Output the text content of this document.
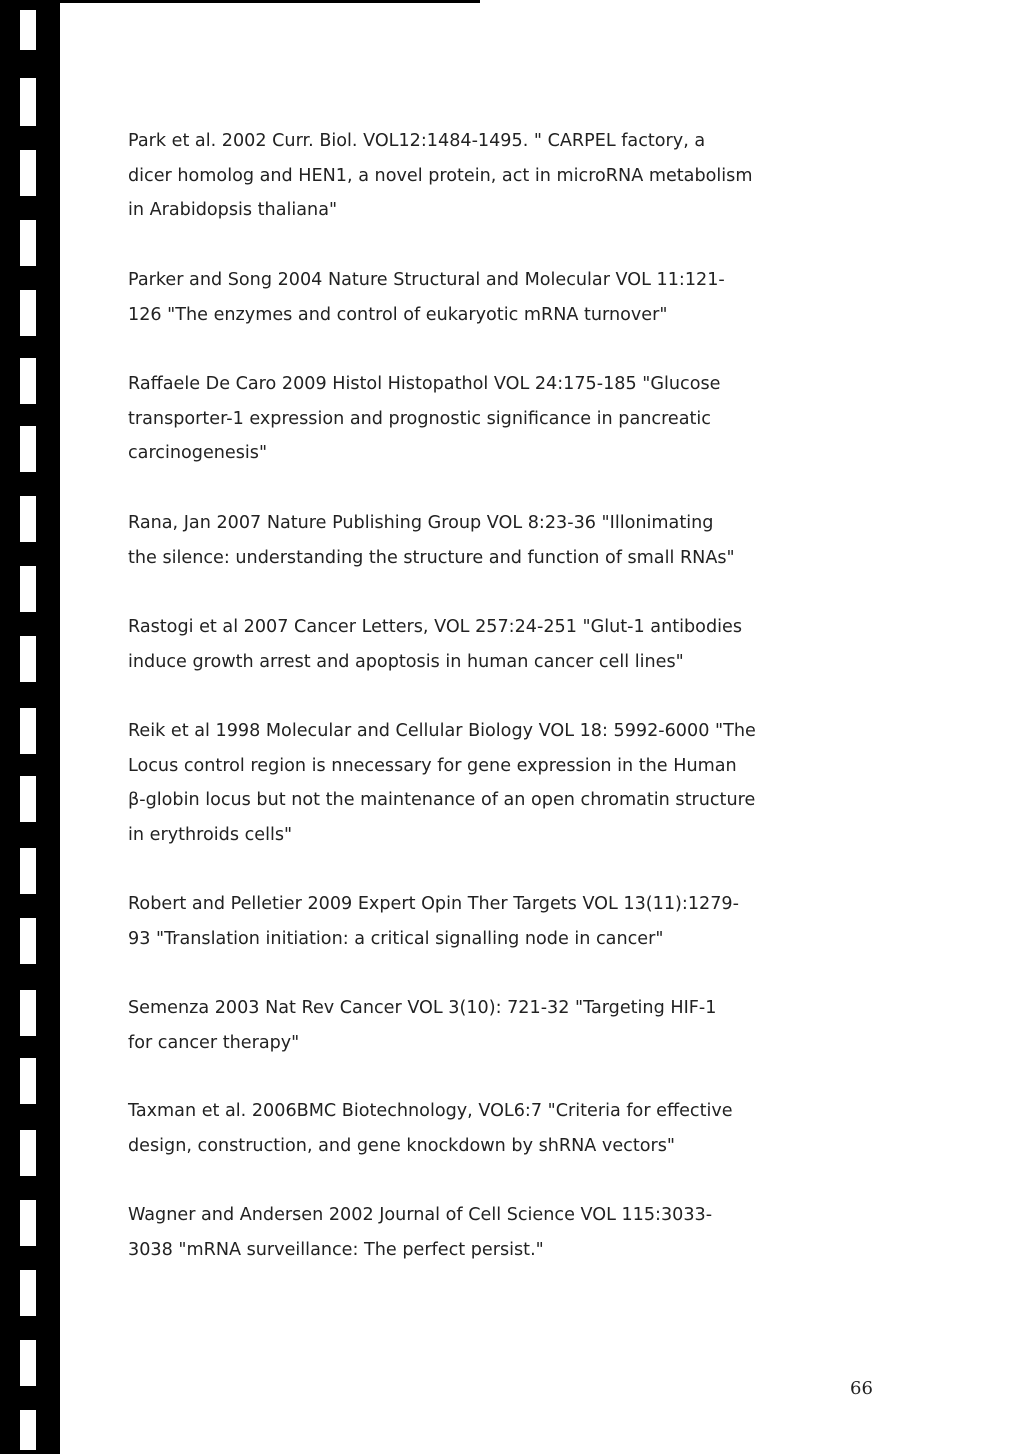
Park et al. 2002 Curr. Biol. VOL12:1484-1495. " CARPEL factory, a
dicer homolog and HEN1, a novel protein, act in microRNA metabolism
in Arabidopsis thaliana"
Parker and Song 2004 Nature Structural and Molecular VOL 11:121-
126 "The enzymes and control of eukaryotic mRNA turnover"
Raffaele De Caro 2009 Histol Histopathol VOL 24:175-185 "Glucose
transporter-1 expression and prognostic significance in pancreatic
carcinogenesis"
Rana, Jan 2007 Nature Publishing Group VOL 8:23-36 "Illonimating
the silence: understanding the structure and function of small RNAs"
Rastogi et al 2007 Cancer Letters, VOL 257:24-251 "Glut-1 antibodies
induce growth arrest and apoptosis in human cancer cell lines"
Reik et al 1998 Molecular and Cellular Biology VOL 18: 5992-6000 "The
Locus control region is nnecessary for gene expression in the Human
β-globin locus but not the maintenance of an open chromatin structure
in erythroids cells"
Robert and Pelletier 2009 Expert Opin Ther Targets VOL 13(11):1279-
93 "Translation initiation: a critical signalling node in cancer"
Semenza 2003 Nat Rev Cancer VOL 3(10): 721-32 "Targeting HIF-1
for cancer therapy"
Taxman et al. 2006BMC Biotechnology, VOL6:7 "Criteria for effective
design, construction, and gene knockdown by shRNA vectors"
Wagner and Andersen 2002 Journal of Cell Science VOL 115:3033-
3038 "mRNA surveillance: The perfect persist."
66
